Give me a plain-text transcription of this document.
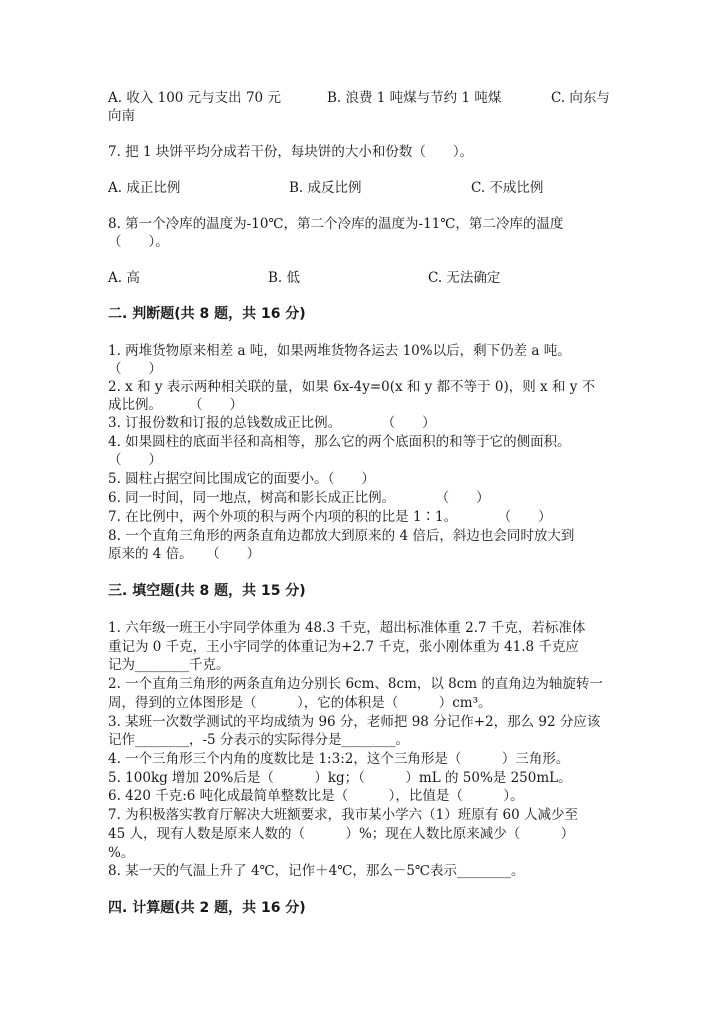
A. 收入 100 元与支出 70 元	B. 浪费 1 吨煤与节约 1 吨煤	C. 向东与
向南
7. 把 1 块饼平均分成若干份，每块饼的大小和份数（　　）。
A. 成正比例	B. 成反比例	C. 不成比例
8. 第一个冷库的温度为-10℃，第二个冷库的温度为-11℃，第二冷库的温度
（　　）。
A. 高	B. 低	C. 无法确定
二. 判断题(共 8 题，共 16 分)
1. 两堆货物原来相差 a 吨，如果两堆货物各运去 10%以后，剩下仍差 a 吨。
（　　）
2. x 和 y 表示两种相关联的量，如果 6x-4y=0(x 和 y 都不等于 0)，则 x 和 y 不
成比例。　　　（　　）
3. 订报份数和订报的总钱数成正比例。　　　　（　　）
4. 如果圆柱的底面半径和高相等，那么它的两个底面积的和等于它的侧面积。
（　　）
5. 圆柱占据空间比围成它的面要小。（　　）
6. 同一时间，同一地点，树高和影长成正比例。　　　　（　　）
7. 在比例中，两个外项的积与两个内项的积的比是 1∶1。　　　　（　　）
8. 一个直角三角形的两条直角边都放大到原来的 4 倍后，斜边也会同时放大到
原来的 4 倍。　　（　　）
三. 填空题(共 8 题，共 15 分)
1. 六年级一班王小宇同学体重为 48.3 千克，超出标准体重 2.7 千克，若标准体
重记为 0 千克，王小宇同学的体重记为+2.7 千克，张小刚体重为 41.8 千克应
记为________千克。
2. 一个直角三角形的两条直角边分别长 6cm、8cm，以 8cm 的直角边为轴旋转一
周，得到的立体图形是（　　　），它的体积是（　　　）cm³。
3. 某班一次数学测试的平均成绩为 96 分，老师把 98 分记作+2，那么 92 分应该
记作________，-5 分表示的实际得分是________。
4. 一个三角形三个内角的度数比是 1:3:2，这个三角形是（　　　）三角形。
5. 100kg 增加 20%后是（　　　）kg；（　　　）mL 的 50%是 250mL。
6. 420 千克:6 吨化成最简单整数比是（　　　），比值是（　　　）。
7. 为积极落实教育厅解决大班额要求，我市某小学六（1）班原有 60 人减少至
45 人，现有人数是原来人数的（　　　）%；现在人数比原来减少（　　　）
%。
8. 某一天的气温上升了 4℃，记作＋4℃，那么－5℃表示________。
四. 计算题(共 2 题，共 16 分)
